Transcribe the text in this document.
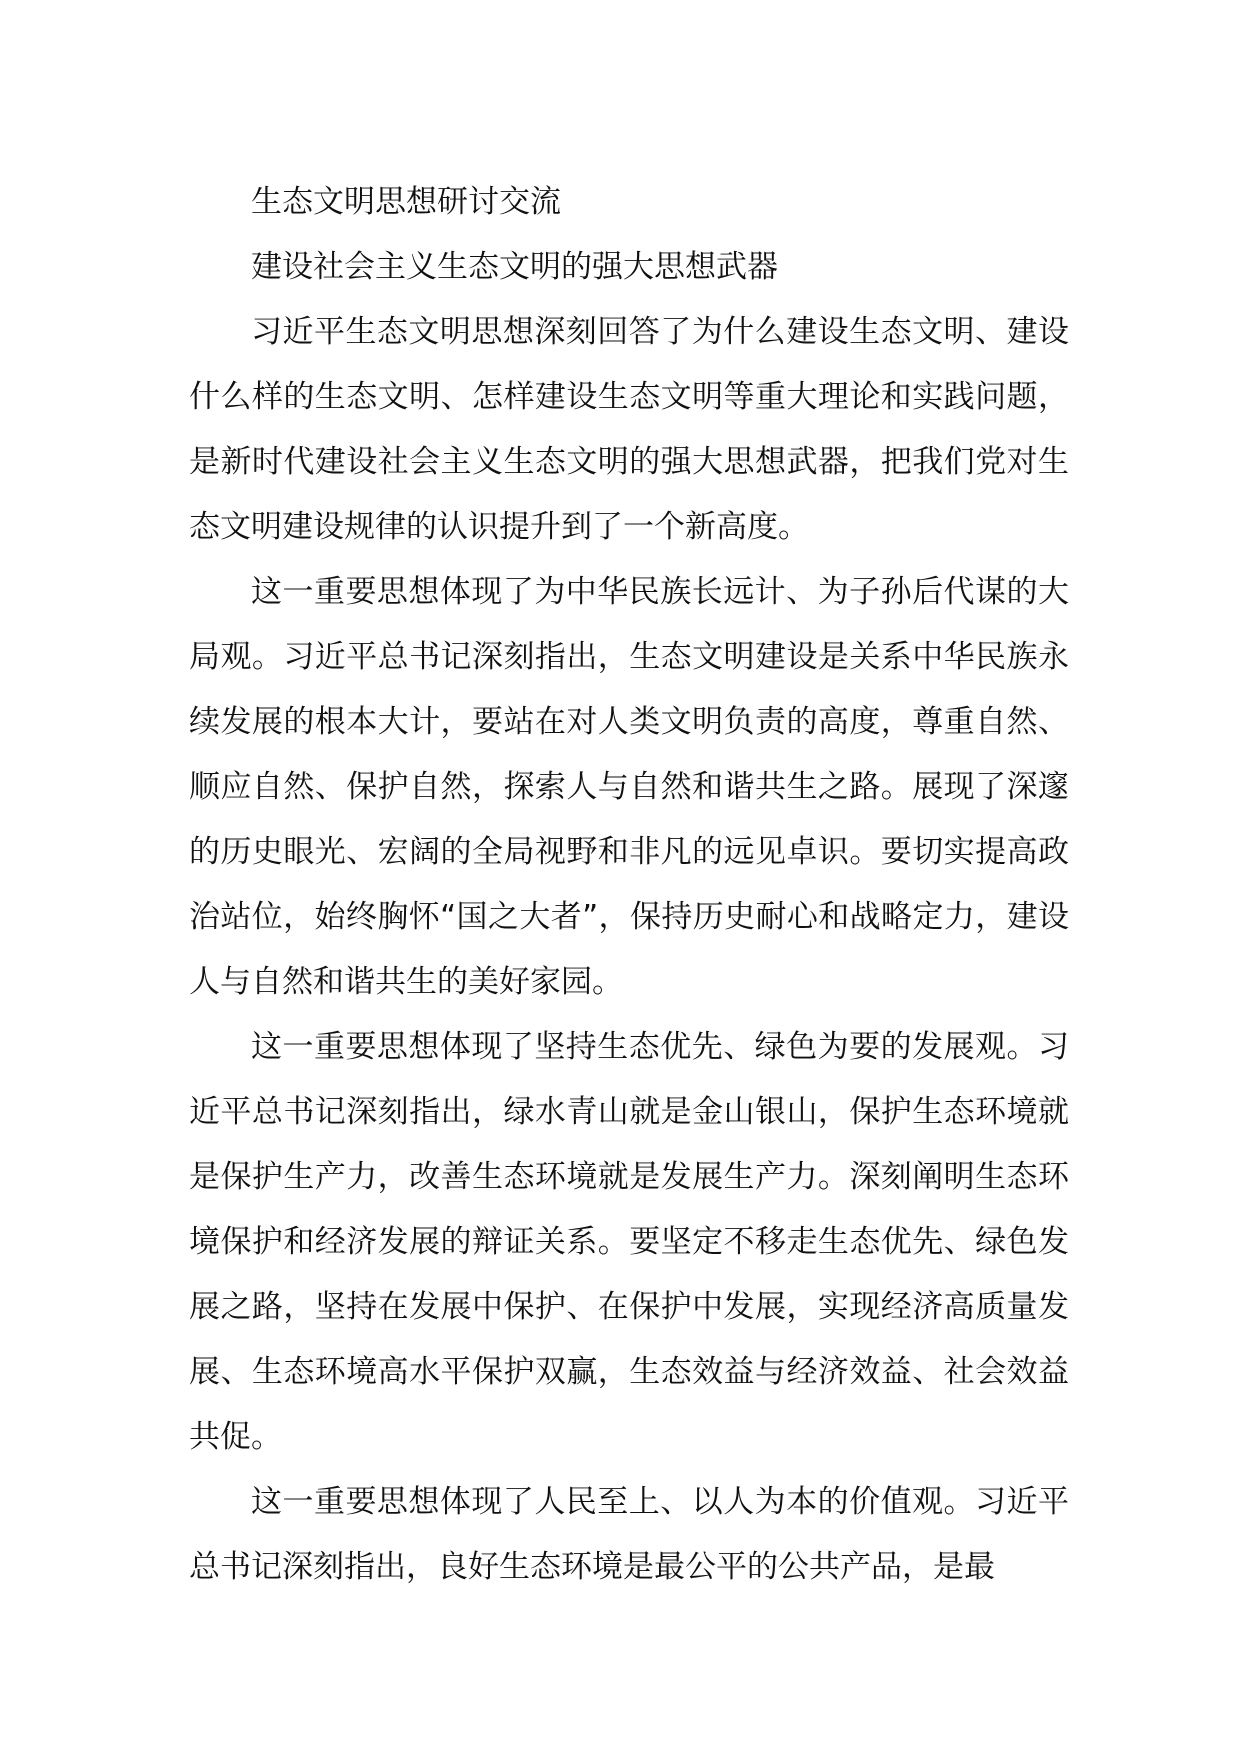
生态文明思想研讨交流

建设社会主义生态文明的强大思想武器

习近平生态文明思想深刻回答了为什么建设生态文明、建设什么样的生态文明、怎样建设生态文明等重大理论和实践问题，是新时代建设社会主义生态文明的强大思想武器，把我们党对生态文明建设规律的认识提升到了一个新高度。

这一重要思想体现了为中华民族长远计、为子孙后代谋的大局观。习近平总书记深刻指出，生态文明建设是关系中华民族永续发展的根本大计，要站在对人类文明负责的高度，尊重自然、顺应自然、保护自然，探索人与自然和谐共生之路。展现了深邃的历史眼光、宏阔的全局视野和非凡的远见卓识。要切实提高政治站位，始终胸怀“国之大者”，保持历史耐心和战略定力，建设人与自然和谐共生的美好家园。

这一重要思想体现了坚持生态优先、绿色为要的发展观。习近平总书记深刻指出，绿水青山就是金山银山，保护生态环境就是保护生产力，改善生态环境就是发展生产力。深刻阐明生态环境保护和经济发展的辩证关系。要坚定不移走生态优先、绿色发展之路，坚持在发展中保护、在保护中发展，实现经济高质量发展、生态环境高水平保护双赢，生态效益与经济效益、社会效益共促。

这一重要思想体现了人民至上、以人为本的价值观。习近平总书记深刻指出，良好生态环境是最公平的公共产品，是最
